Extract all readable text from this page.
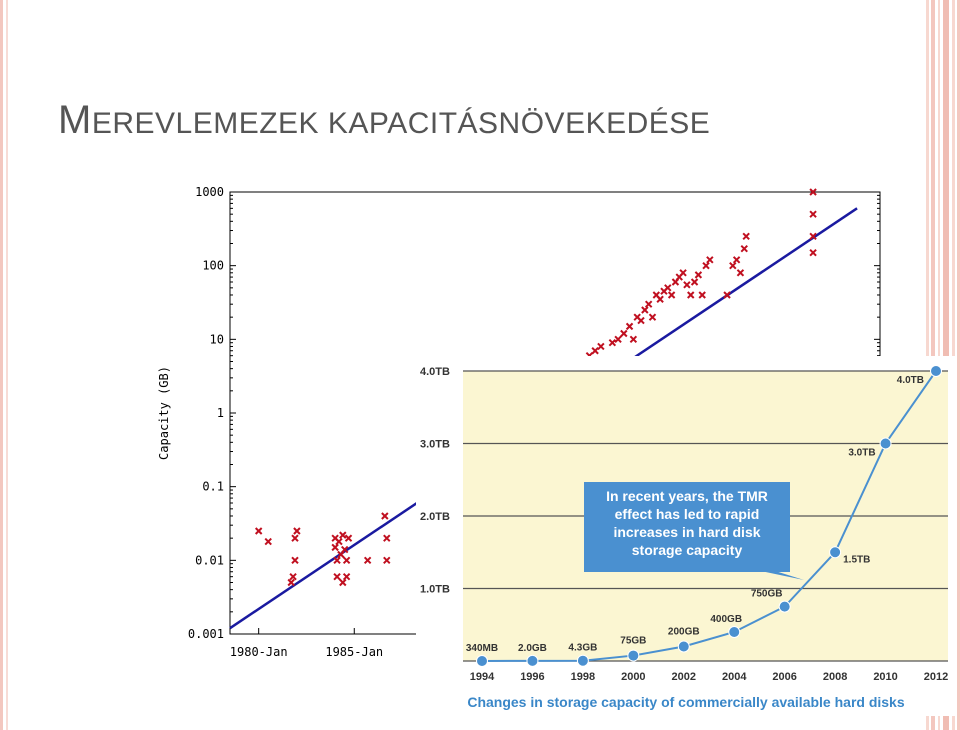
MEREVLEMEZEK KAPACITÁSNÖVEKEDÉSE
1000
100
10
1
0.1
0.01
0.001
1980-Jan	1985-Jan
Capacity (GB)
1.0TB
2.0TB
3.0TB
4.0TB
1994 1996 1998 2000 2002 2004 2006 2008 2010 2012
340MB 2.0GB 4.3GB
75GB
200GB
400GB
750GB
1.5TB
3.0TB
4.0TB
In recent years, the TMR
effect has led to rapid
increases in hard disk
storage capacity
Changes in storage capacity of commercially available hard disks
